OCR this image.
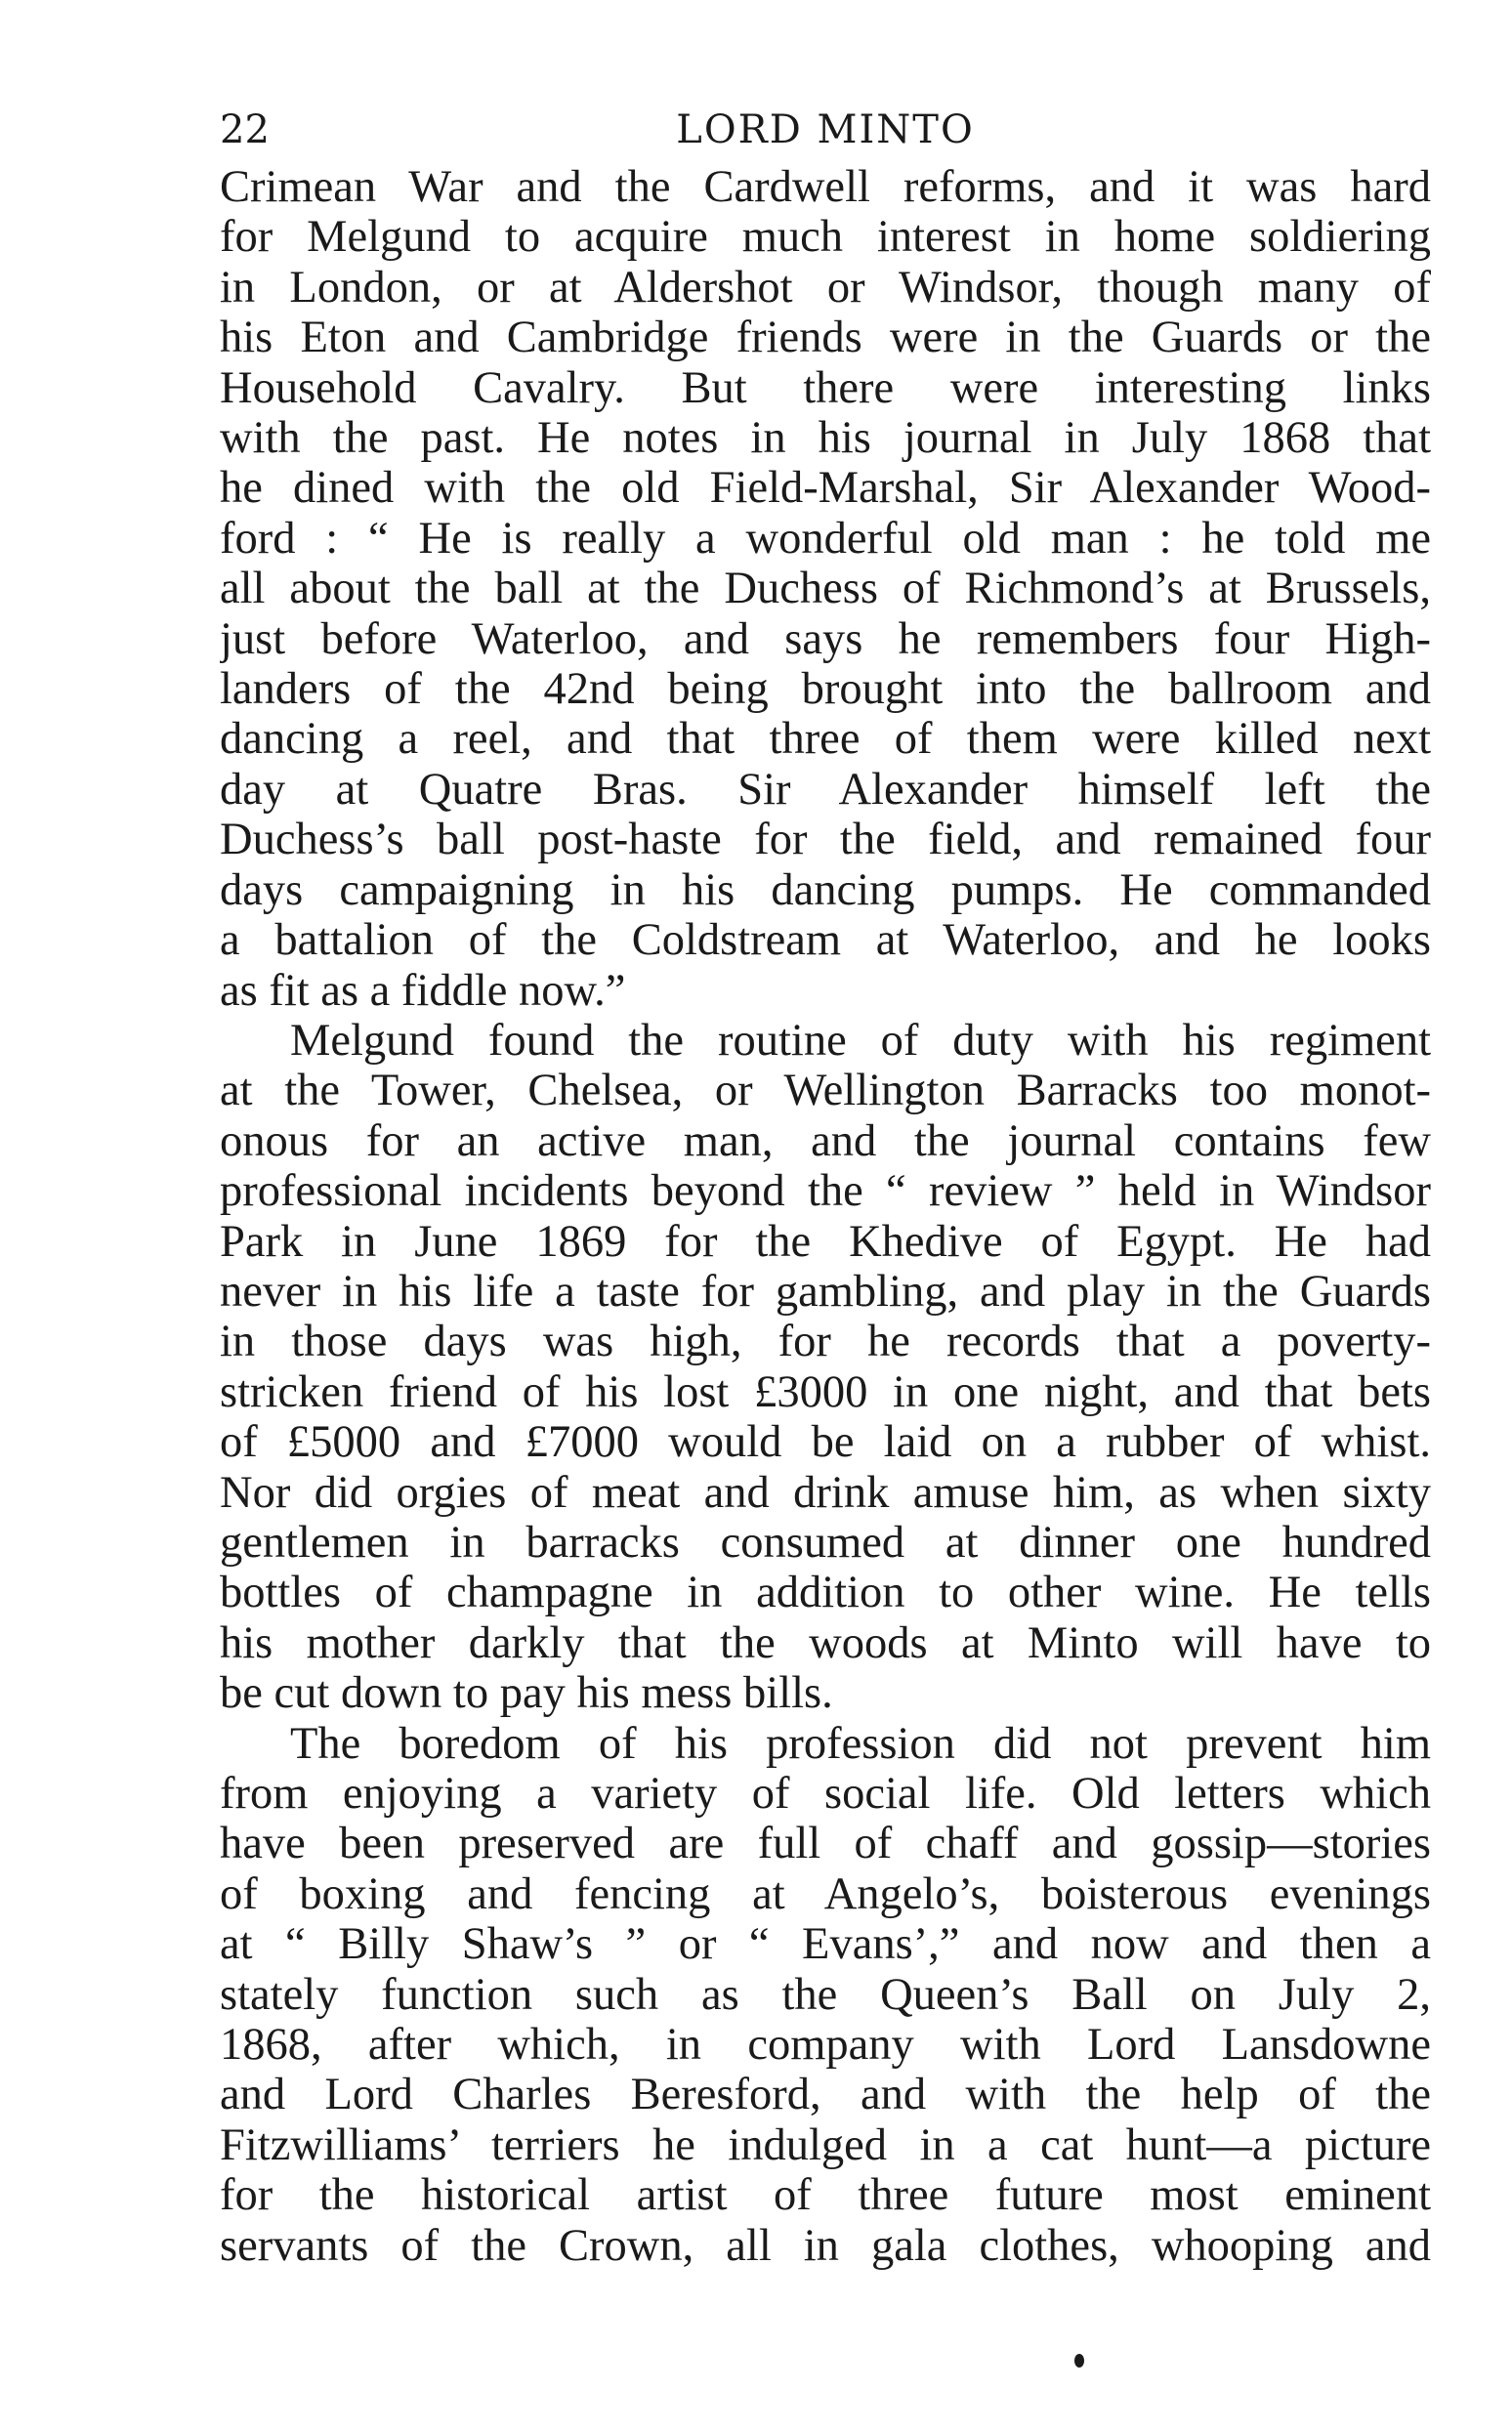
22	LORD MINTO
Crimean War and the Cardwell reforms, and it was hard
for Melgund to acquire much interest in home soldiering
in London, or at Aldershot or Windsor, though many of
his Eton and Cambridge friends were in the Guards or the
Household Cavalry. But there were interesting links
with the past. He notes in his journal in July 1868 that
he dined with the old Field-Marshal, Sir Alexander Wood-
ford : “ He is really a wonderful old man : he told me
all about the ball at the Duchess of Richmond’s at Brussels,
just before Waterloo, and says he remembers four High-
landers of the 42nd being brought into the ballroom and
dancing a reel, and that three of them were killed next
day at Quatre Bras. Sir Alexander himself left the
Duchess’s ball post-haste for the field, and remained four
days campaigning in his dancing pumps. He commanded
a battalion of the Coldstream at Waterloo, and he looks
as fit as a fiddle now.”
Melgund found the routine of duty with his regiment
at the Tower, Chelsea, or Wellington Barracks too monot-
onous for an active man, and the journal contains few
professional incidents beyond the “ review ” held in Windsor
Park in June 1869 for the Khedive of Egypt. He had
never in his life a taste for gambling, and play in the Guards
in those days was high, for he records that a poverty-
stricken friend of his lost £3000 in one night, and that bets
of £5000 and £7000 would be laid on a rubber of whist.
Nor did orgies of meat and drink amuse him, as when sixty
gentlemen in barracks consumed at dinner one hundred
bottles of champagne in addition to other wine. He tells
his mother darkly that the woods at Minto will have to
be cut down to pay his mess bills.
The boredom of his profession did not prevent him
from enjoying a variety of social life. Old letters which
have been preserved are full of chaff and gossip—stories
of boxing and fencing at Angelo’s, boisterous evenings
at “ Billy Shaw’s ” or “ Evans’,” and now and then a
stately function such as the Queen’s Ball on July 2,
1868, after which, in company with Lord Lansdowne
and Lord Charles Beresford, and with the help of the
Fitzwilliams’ terriers he indulged in a cat hunt—a picture
for the historical artist of three future most eminent
servants of the Crown, all in gala clothes, whooping and
